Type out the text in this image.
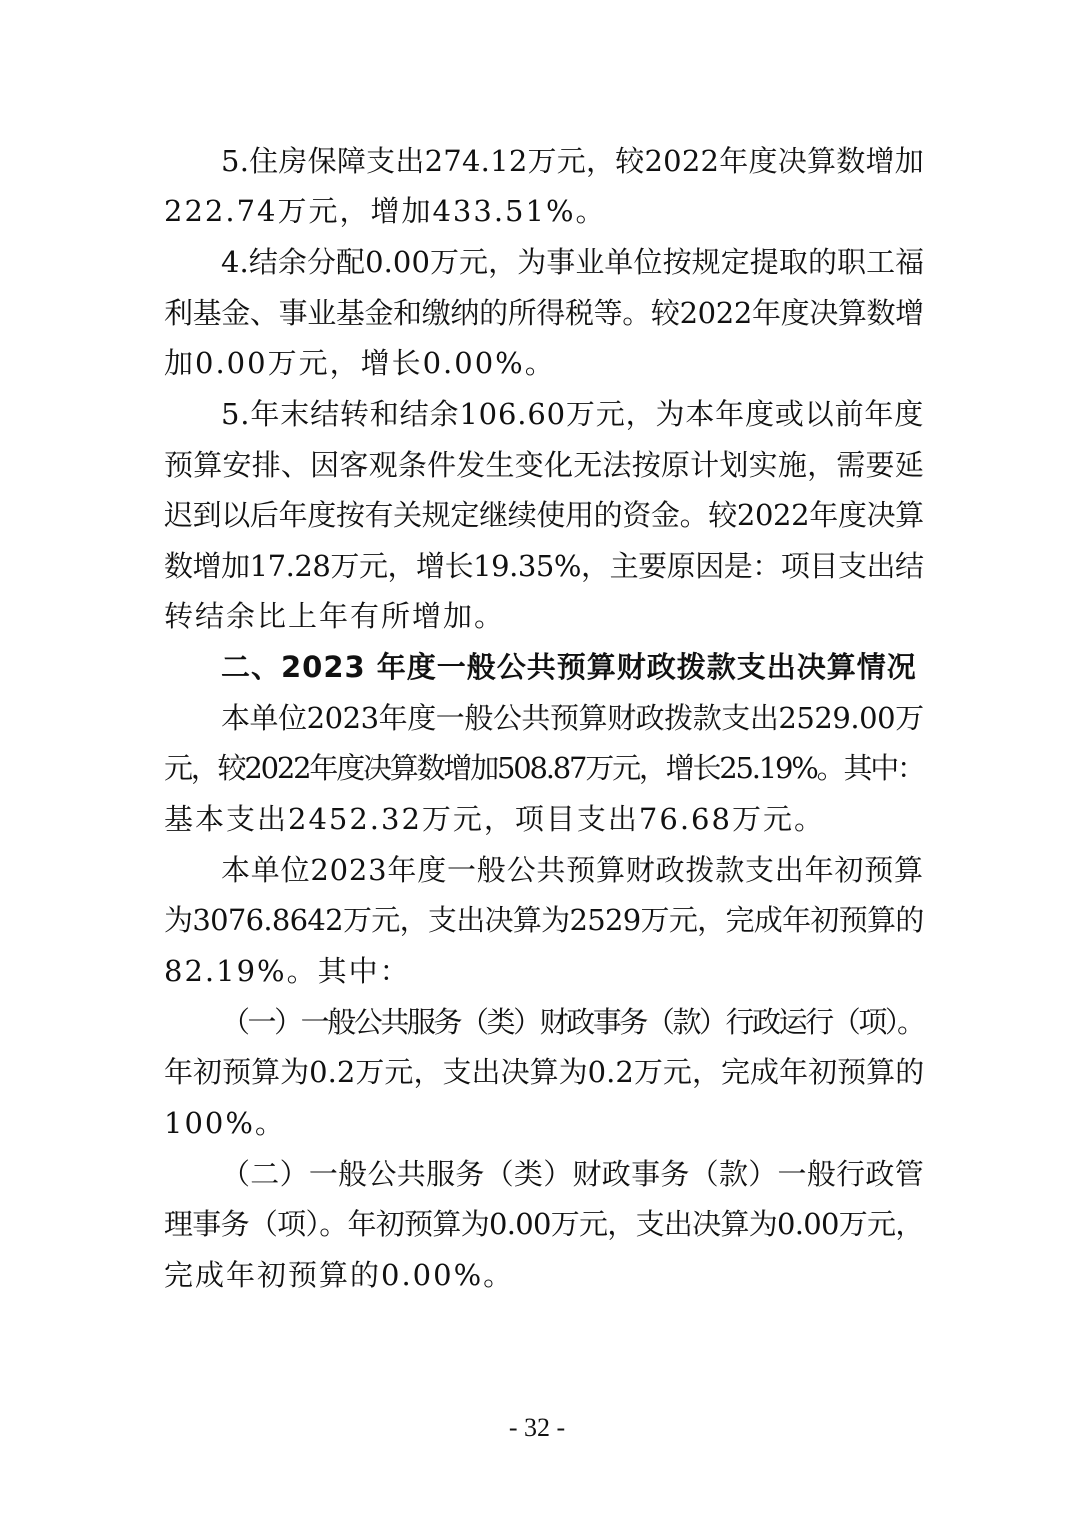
5.住房保障支出274.12万元，较2022年度决算数增加
222.74万元，增加433.51%。
4.结余分配0.00万元，为事业单位按规定提取的职工福
利基金、事业基金和缴纳的所得税等。较2022年度决算数增
加0.00万元，增长0.00%。
5.年末结转和结余106.60万元，为本年度或以前年度
预算安排、因客观条件发生变化无法按原计划实施，需要延
迟到以后年度按有关规定继续使用的资金。较2022年度决算
数增加17.28万元，增长19.35%，主要原因是：项目支出结
转结余比上年有所增加。
二、2023 年度一般公共预算财政拨款支出决算情况
本单位2023年度一般公共预算财政拨款支出2529.00万
元，较2022年度决算数增加508.87万元，增长25.19%。其中：
基本支出2452.32万元，项目支出76.68万元。
本单位2023年度一般公共预算财政拨款支出年初预算
为3076.8642万元，支出决算为2529万元，完成年初预算的
82.19%。其中：
（一）一般公共服务（类）财政事务（款）行政运行（项）。
年初预算为0.2万元，支出决算为0.2万元，完成年初预算的
100%。
（二）一般公共服务（类）财政事务（款）一般行政管
理事务（项）。年初预算为0.00万元，支出决算为0.00万元，
完成年初预算的0.00%。
- 32 -
